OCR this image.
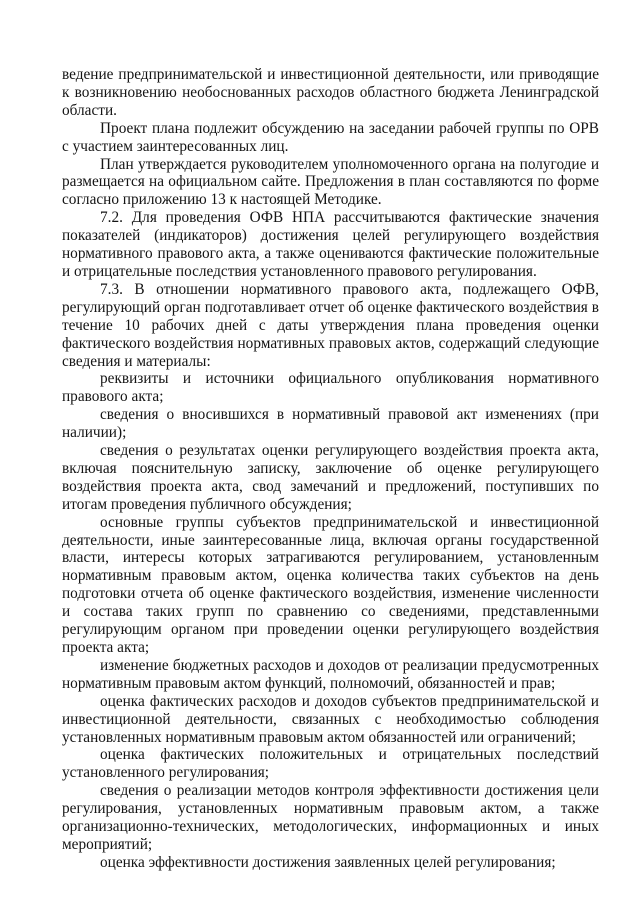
ведение предпринимательской и инвестиционной деятельности, или приводящие к возникновению необоснованных расходов областного бюджета Ленинградской области.

Проект плана подлежит обсуждению на заседании рабочей группы по ОРВ с участием заинтересованных лиц.

План утверждается руководителем уполномоченного органа на полугодие и размещается на официальном сайте. Предложения в план составляются по форме согласно приложению 13 к настоящей Методике.

7.2. Для проведения ОФВ НПА рассчитываются фактические значения показателей (индикаторов) достижения целей регулирующего воздействия нормативного правового акта, а также оцениваются фактические положительные и отрицательные последствия установленного правового регулирования.

7.3. В отношении нормативного правового акта, подлежащего ОФВ, регулирующий орган подготавливает отчет об оценке фактического воздействия в течение 10 рабочих дней с даты утверждения плана проведения оценки фактического воздействия нормативных правовых актов, содержащий следующие сведения и материалы:

реквизиты и источники официального опубликования нормативного правового акта;

сведения о вносившихся в нормативный правовой акт изменениях (при наличии);

сведения о результатах оценки регулирующего воздействия проекта акта, включая пояснительную записку, заключение об оценке регулирующего воздействия проекта акта, свод замечаний и предложений, поступивших по итогам проведения публичного обсуждения;

основные группы субъектов предпринимательской и инвестиционной деятельности, иные заинтересованные лица, включая органы государственной власти, интересы которых затрагиваются регулированием, установленным нормативным правовым актом, оценка количества таких субъектов на день подготовки отчета об оценке фактического воздействия, изменение численности и состава таких групп по сравнению со сведениями, представленными регулирующим органом при проведении оценки регулирующего воздействия проекта акта;

изменение бюджетных расходов и доходов от реализации предусмотренных нормативным правовым актом функций, полномочий, обязанностей и прав;

оценка фактических расходов и доходов субъектов предпринимательской и инвестиционной деятельности, связанных с необходимостью соблюдения установленных нормативным правовым актом обязанностей или ограничений;

оценка фактических положительных и отрицательных последствий установленного регулирования;

сведения о реализации методов контроля эффективности достижения цели регулирования, установленных нормативным правовым актом, а также организационно-технических, методологических, информационных и иных мероприятий;

оценка эффективности достижения заявленных целей регулирования;
